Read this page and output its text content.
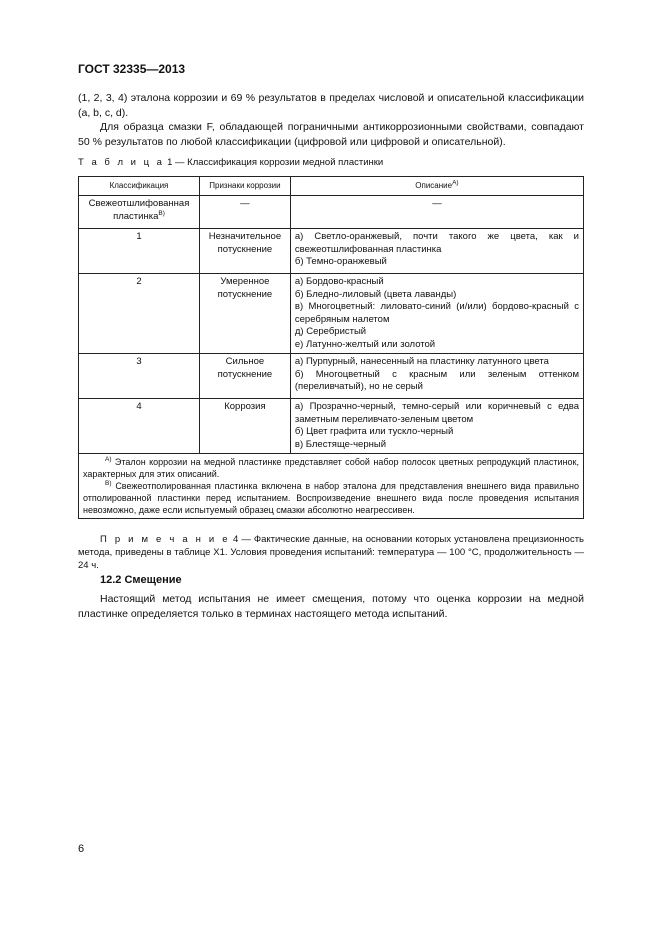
ГОСТ 32335—2013
(1, 2, 3, 4) эталона коррозии и 69 % результатов в пределах числовой и описательной классификации (a, b, c, d).
Для образца смазки F, обладающей пограничными антикоррозионными свойствами, совпадают 50 % результатов по любой классификации (цифровой или цифровой и описательной).
Т а б л и ц а 1 — Классификация коррозии медной пластинки
Классификация	Признаки коррозии	Описание$^{A)}$
Свежеотшлифованная пластинка$^{B)}$	—	—

1	Незначительное потускнение	а) Светло-оранжевый, почти такого же цвета, как и свежеотшлифованная пластинка
б) Темно-оранжевый

2	Умеренное потускнение	а) Бордово-красный
б) Бледно-лиловый (цвета лаванды)
в) Многоцветный: лиловато-синий (и/или) бордово-красный с серебряным налетом
д) Серебристый
е) Латунно-желтый или золотой

3	Сильное потускнение	а) Пурпурный, нанесенный на пластинку латунного цвета
б) Многоцветный с красным или зеленым оттенком (переливчатый), но не серый

4	Коррозия	а) Прозрачно-черный, темно-серый или коричневый с едва заметным переливчато-зеленым цветом
б) Цвет графита или тускло-черный
в) Блестяще-черный

$^{A)}$ Эталон коррозии на медной пластинке представляет собой набор полосок цветных репродукций пластинок, характерных для этих описаний.
$^{B)}$ Свежеотполированная пластинка включена в набор эталона для представления внешнего вида правильно отполированной пластинки перед испытанием. Воспроизведение внешнего вида после проведения испытания невозможно, даже если испытуемый образец смазки абсолютно неагрессивен.		
П р и м е ч а н и е 4 — Фактические данные, на основании которых установлена прецизионность метода, приведены в таблице X1. Условия проведения испытаний: температура — 100 °С, продолжительность — 24 ч.
12.2 Смещение
Настоящий метод испытания не имеет смещения, потому что оценка коррозии на медной пластинке определяется только в терминах настоящего метода испытаний.
6
